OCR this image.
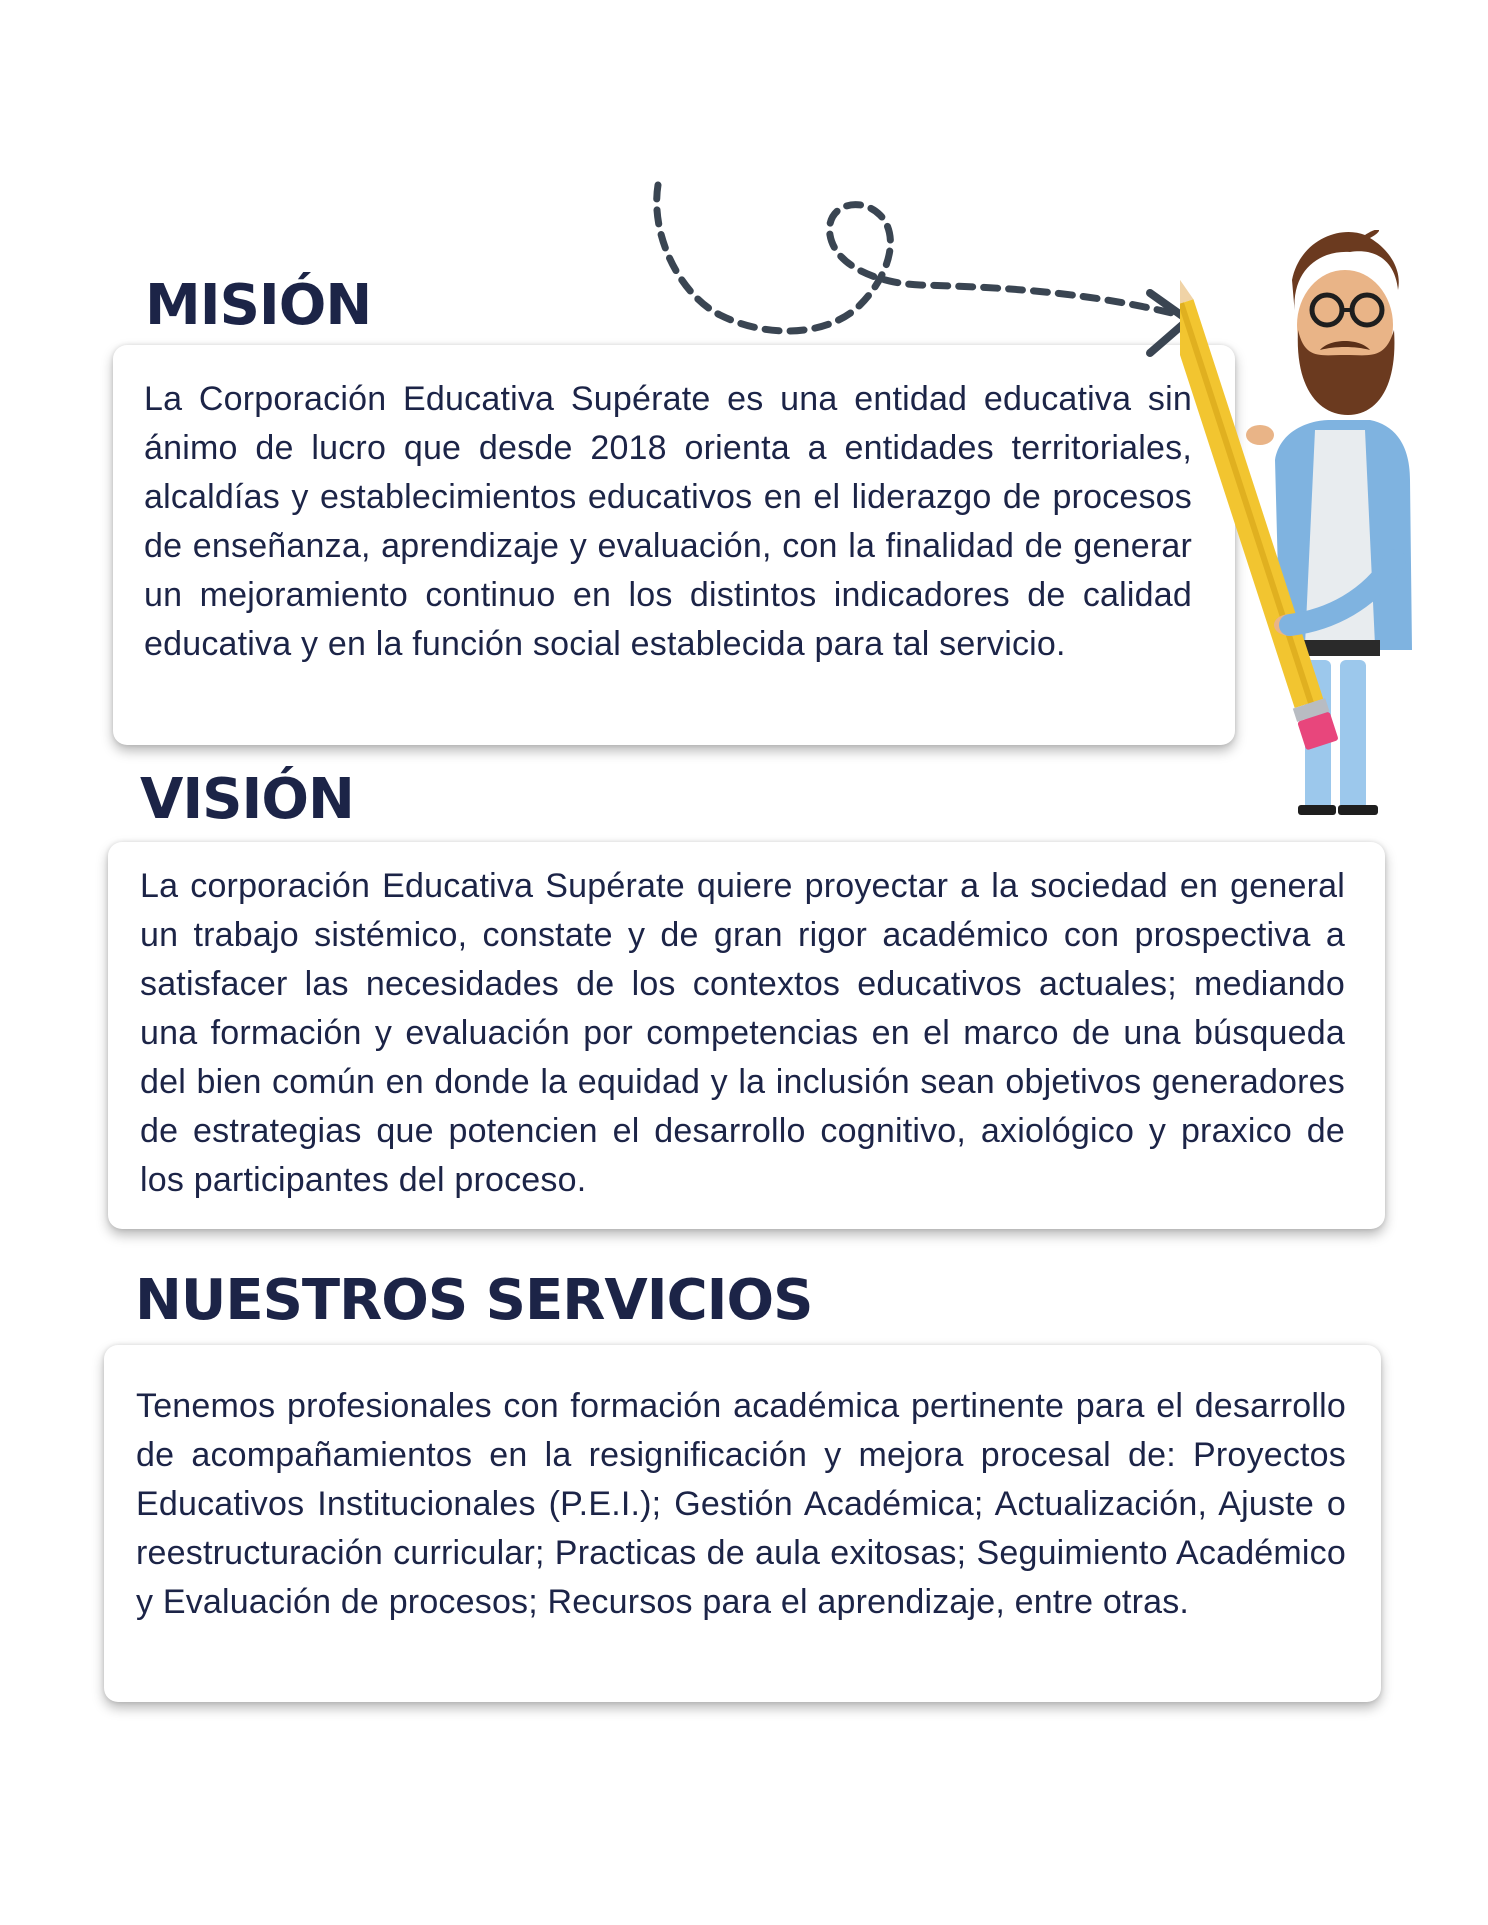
MISIÓN

La Corporación Educativa Supérate es una entidad educativa sin ánimo de lucro que desde 2018 orienta a entidades territoriales, alcaldías y establecimientos educativos en el liderazgo de procesos de enseñanza, aprendizaje y evaluación, con la finalidad de generar un mejoramiento continuo en los distintos indicadores de calidad educativa y en la función social establecida para tal servicio.

VISIÓN

La corporación Educativa Supérate quiere proyectar a la sociedad en general un trabajo sistémico, constate y de gran rigor académico con prospectiva a satisfacer las necesidades de los contextos educativos actuales; mediando una formación y evaluación por competencias en el marco de una búsqueda del bien común en donde la equidad y la inclusión sean objetivos generadores de estrategias que potencien el desarrollo cognitivo, axiológico y praxico de los participantes del proceso.

NUESTROS SERVICIOS

Tenemos profesionales con formación académica pertinente para el desarrollo de acompañamientos en la resignificación y mejora procesal de: Proyectos Educativos Institucionales (P.E.I.); Gestión Académica; Actualización, Ajuste o reestructuración curricular; Practicas de aula exitosas; Seguimiento Académico y Evaluación de procesos; Recursos para el aprendizaje, entre otras.
